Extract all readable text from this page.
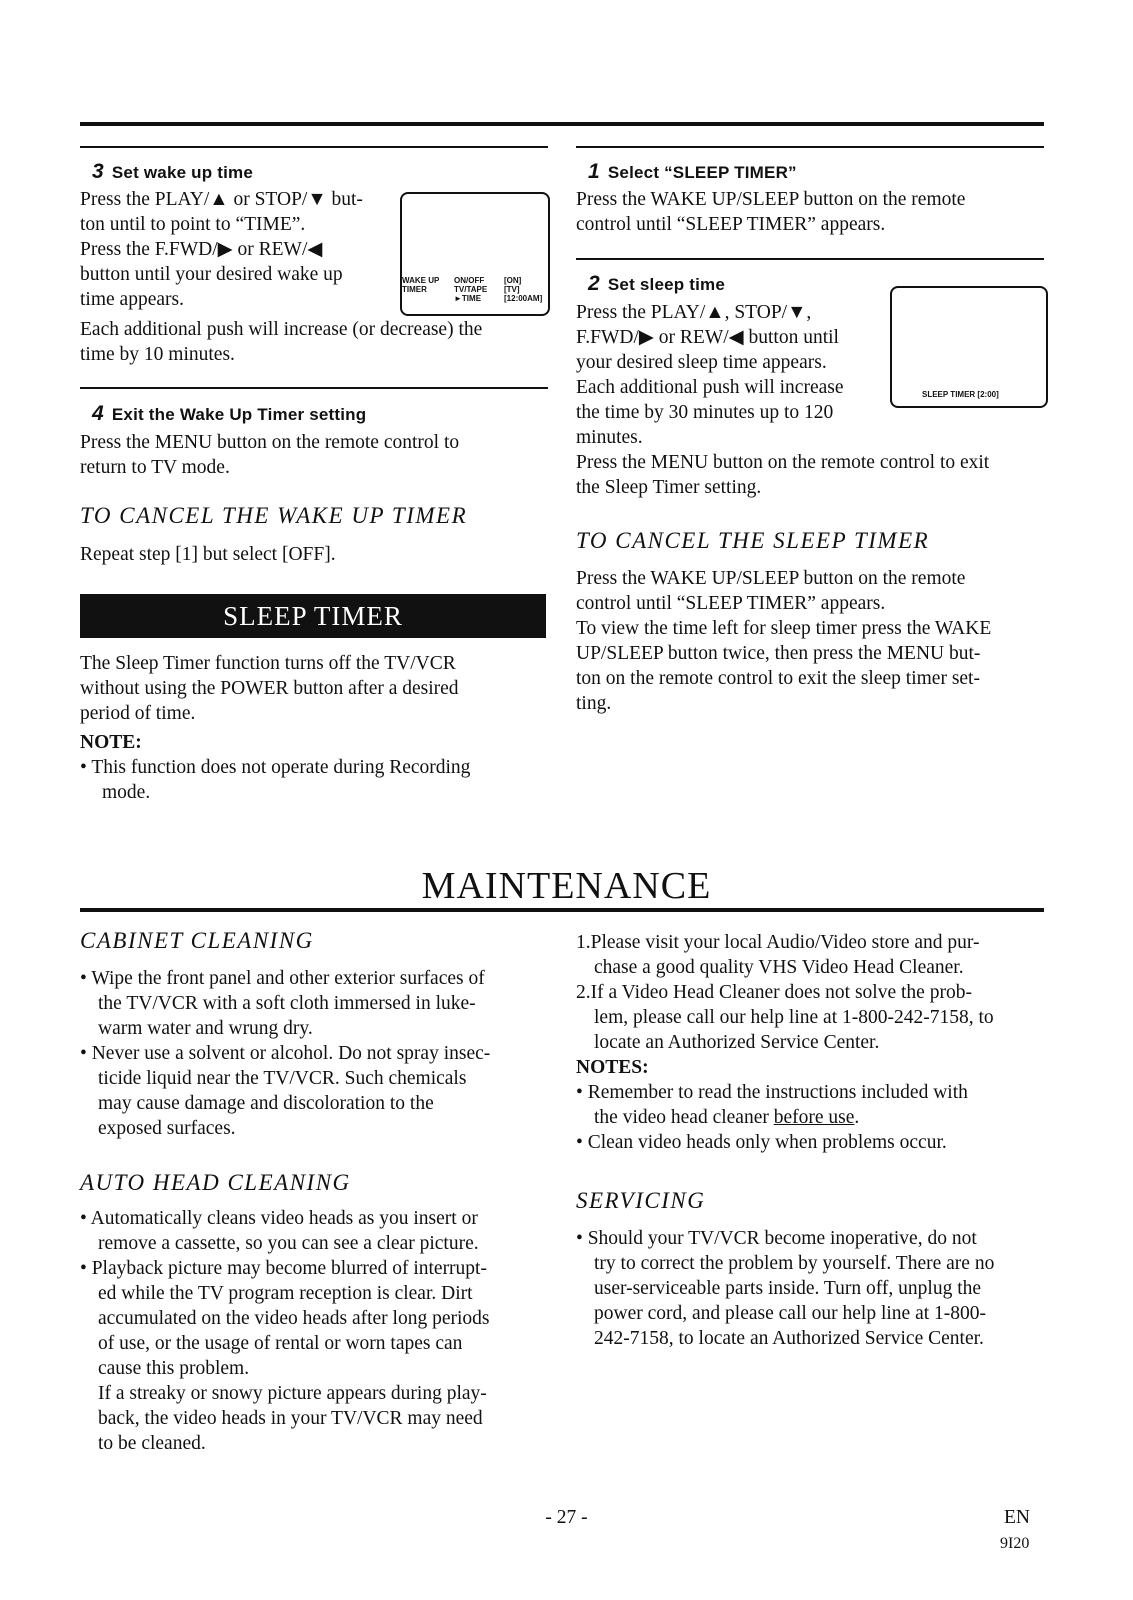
3 Set wake up time
Press the PLAY/▲ or STOP/▼ but-
ton until to point to “TIME”.
Press the F.FWD/▶ or REW/◀
button until your desired wake up
time appears.
WAKE UP
TIMER
ON/OFF
TV/TAPE
►TIME
[ON]
[TV]
[12:00AM]
Each additional push will increase (or decrease) the
time by 10 minutes.
4 Exit the Wake Up Timer setting
Press the MENU button on the remote control to
return to TV mode.
TO CANCEL THE WAKE UP TIMER
Repeat step [1] but select [OFF].
SLEEP TIMER
The Sleep Timer function turns off the TV/VCR
without using the POWER button after a desired
period of time.
NOTE:
• This function does not operate during Recording
mode.
1 Select “SLEEP TIMER”
Press the WAKE UP/SLEEP button on the remote
control until “SLEEP TIMER” appears.
2 Set sleep time
Press the PLAY/▲, STOP/▼,
F.FWD/▶ or REW/◀ button until
your desired sleep time appears.
Each additional push will increase
the time by 30 minutes up to 120
minutes.
Press the MENU button on the remote control to exit
the Sleep Timer setting.
SLEEP TIMER [2:00]
TO CANCEL THE SLEEP TIMER
Press the WAKE UP/SLEEP button on the remote
control until “SLEEP TIMER” appears.
To view the time left for sleep timer press the WAKE
UP/SLEEP button twice, then press the MENU but-
ton on the remote control to exit the sleep timer set-
ting.
MAINTENANCE
CABINET CLEANING
• Wipe the front panel and other exterior surfaces of
the TV/VCR with a soft cloth immersed in luke-
warm water and wrung dry.
• Never use a solvent or alcohol. Do not spray insec-
ticide liquid near the TV/VCR. Such chemicals
may cause damage and discoloration to the
exposed surfaces.
AUTO HEAD CLEANING
• Automatically cleans video heads as you insert or
remove a cassette, so you can see a clear picture.
• Playback picture may become blurred of interrupt-
ed while the TV program reception is clear. Dirt
accumulated on the video heads after long periods
of use, or the usage of rental or worn tapes can
cause this problem.
If a streaky or snowy picture appears during play-
back, the video heads in your TV/VCR may need
to be cleaned.
1.Please visit your local Audio/Video store and pur-
chase a good quality VHS Video Head Cleaner.
2.If a Video Head Cleaner does not solve the prob-
lem, please call our help line at 1-800-242-7158, to
locate an Authorized Service Center.
NOTES:
• Remember to read the instructions included with
the video head cleaner before use.
• Clean video heads only when problems occur.
SERVICING
• Should your TV/VCR become inoperative, do not
try to correct the problem by yourself. There are no
user-serviceable parts inside. Turn off, unplug the
power cord, and please call our help line at 1-800-
242-7158, to locate an Authorized Service Center.
- 27 -	EN
9I20
